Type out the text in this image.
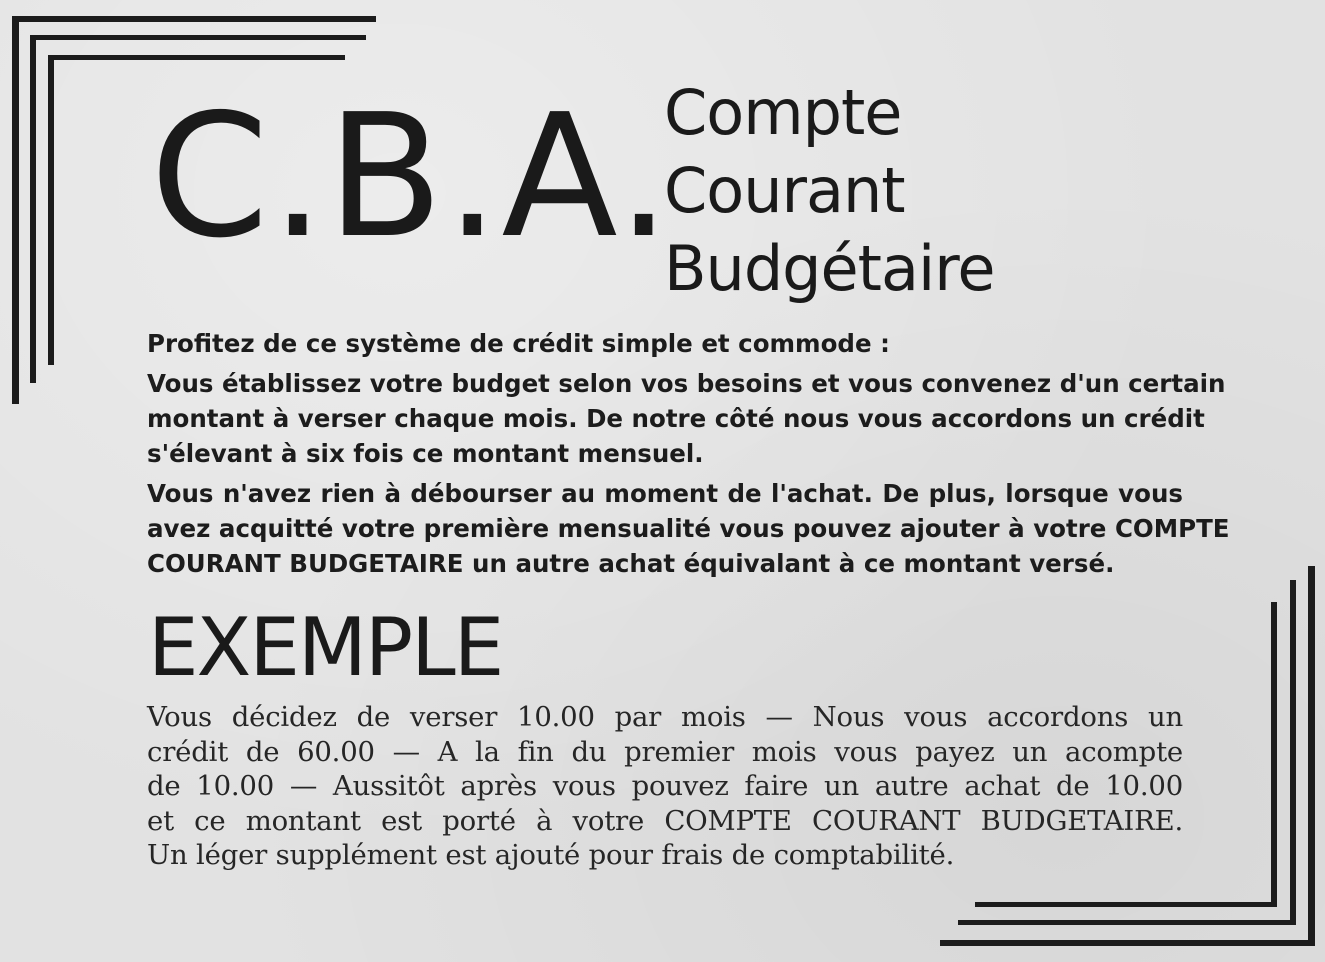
C.B.A.
Compte
Courant
Budgétaire
Profitez de ce système de crédit simple et commode :
Vous établissez votre budget selon vos besoins et vous convenez d'un certain
montant à verser chaque mois. De notre côté nous vous accordons un crédit
s'élevant à six fois ce montant mensuel.
Vous n'avez rien à débourser au moment de l'achat. De plus, lorsque vous
avez acquitté votre première mensualité vous pouvez ajouter à votre COMPTE
COURANT BUDGETAIRE un autre achat équivalant à ce montant versé.
EXEMPLE
Vous décidez de verser 10.00 par mois — Nous vous accordons un
crédit de 60.00 — A la fin du premier mois vous payez un acompte
de 10.00 — Aussitôt après vous pouvez faire un autre achat de 10.00
et ce montant est porté à votre COMPTE COURANT BUDGETAIRE.
Un léger supplément est ajouté pour frais de comptabilité.
